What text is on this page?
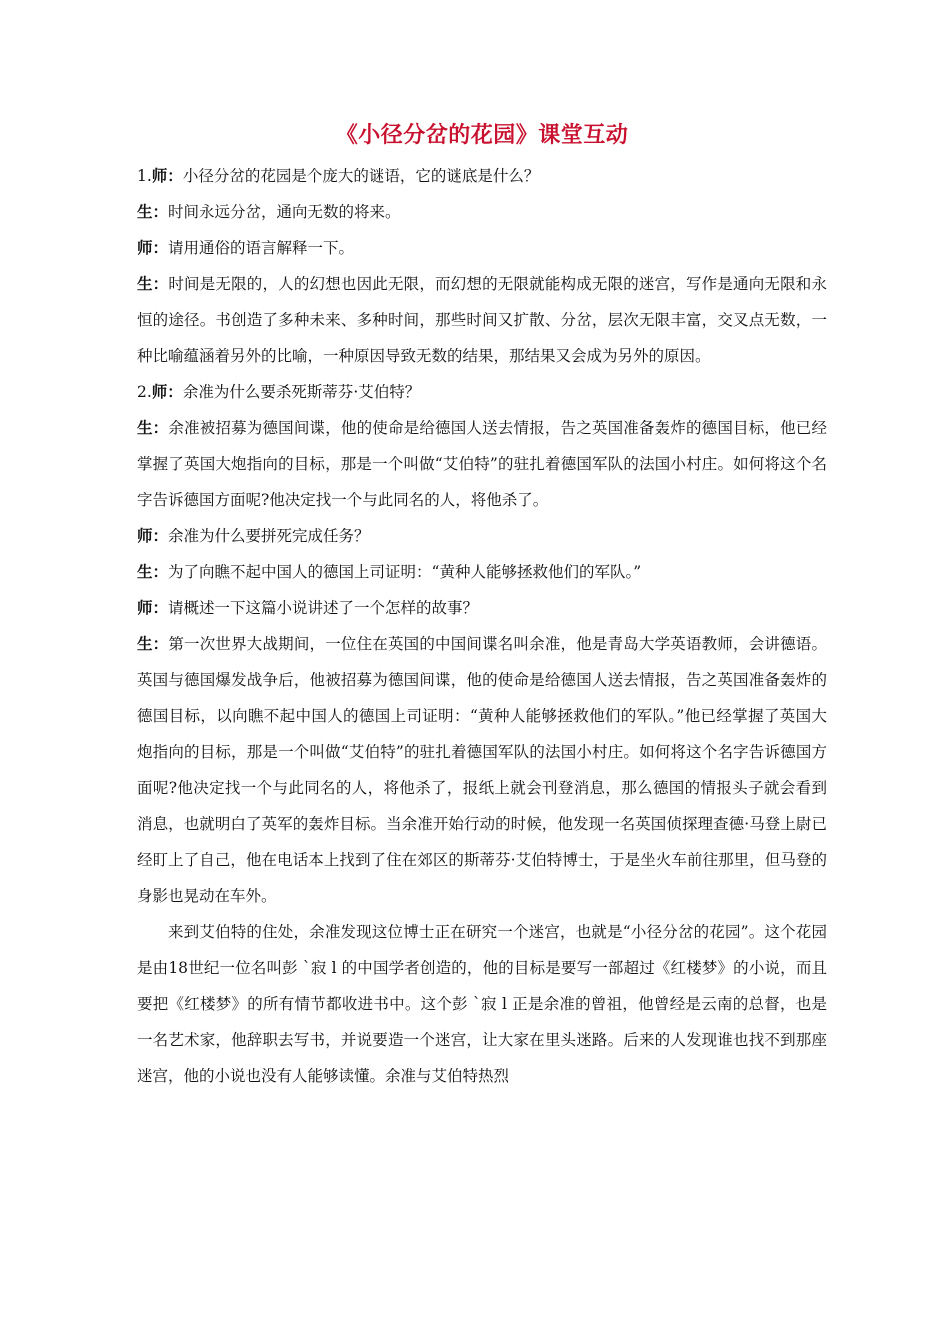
《小径分岔的花园》课堂互动

1.师：小径分岔的花园是个庞大的谜语，它的谜底是什么？

生：时间永远分岔，通向无数的将来。

师：请用通俗的语言解释一下。

生：时间是无限的，人的幻想也因此无限，而幻想的无限就能构成无限的迷宫，写作是通向无限和永恒的途径。书创造了多种未来、多种时间，那些时间又扩散、分岔，层次无限丰富，交叉点无数，一种比喻蕴涵着另外的比喻，一种原因导致无数的结果，那结果又会成为另外的原因。

2.师：余准为什么要杀死斯蒂芬·艾伯特？

生：余准被招募为德国间谍，他的使命是给德国人送去情报，告之英国准备轰炸的德国目标，他已经掌握了英国大炮指向的目标，那是一个叫做“艾伯特”的驻扎着德国军队的法国小村庄。如何将这个名字告诉德国方面呢?他决定找一个与此同名的人，将他杀了。

师：余准为什么要拼死完成任务？

生：为了向瞧不起中国人的德国上司证明：“黄种人能够拯救他们的军队。”

师：请概述一下这篇小说讲述了一个怎样的故事？

生：第一次世界大战期间，一位住在英国的中国间谍名叫余准，他是青岛大学英语教师，会讲德语。英国与德国爆发战争后，他被招募为德国间谍，他的使命是给德国人送去情报，告之英国准备轰炸的德国目标，以向瞧不起中国人的德国上司证明：“黄种人能够拯救他们的军队。”他已经掌握了英国大炮指向的目标，那是一个叫做“艾伯特”的驻扎着德国军队的法国小村庄。如何将这个名字告诉德国方面呢?他决定找一个与此同名的人，将他杀了，报纸上就会刊登消息，那么德国的情报头子就会看到消息，也就明白了英军的轰炸目标。当余准开始行动的时候，他发现一名英国侦探理查德·马登上尉已经盯上了自己，他在电话本上找到了住在郊区的斯蒂芬·艾伯特博士，于是坐火车前往那里，但马登的身影也晃动在车外。

来到艾伯特的住处，余准发现这位博士正在研究一个迷宫，也就是“小径分岔的花园”。这个花园是由18世纪一位名叫彭 `寂 l 的中国学者创造的，他的目标是要写一部超过《红楼梦》的小说，而且要把《红楼梦》的所有情节都收进书中。这个彭 `寂 l 正是余准的曾祖，他曾经是云南的总督，也是一名艺术家，他辞职去写书，并说要造一个迷宫，让大家在里头迷路。后来的人发现谁也找不到那座迷宫，他的小说也没有人能够读懂。余准与艾伯特热烈
